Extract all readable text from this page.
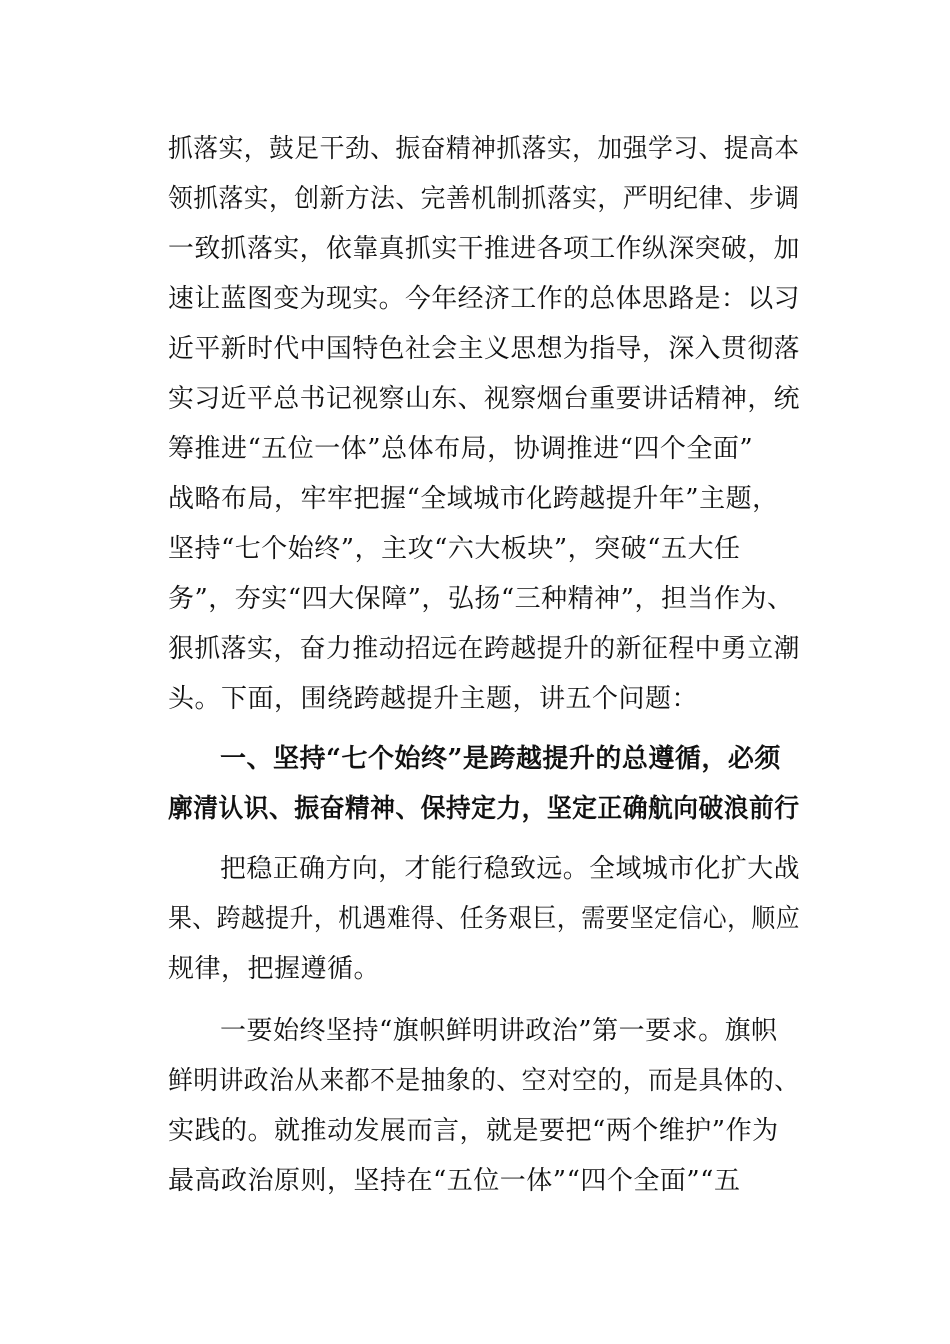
抓落实，鼓足干劲、振奋精神抓落实，加强学习、提高本
领抓落实，创新方法、完善机制抓落实，严明纪律、步调
一致抓落实，依靠真抓实干推进各项工作纵深突破，加
速让蓝图变为现实。今年经济工作的总体思路是：以习
近平新时代中国特色社会主义思想为指导，深入贯彻落
实习近平总书记视察山东、视察烟台重要讲话精神，统
筹推进“五位一体”总体布局，协调推进“四个全面”
战略布局，牢牢把握“全域城市化跨越提升年”主题，
坚持“七个始终”，主攻“六大板块”，突破“五大任
务”，夯实“四大保障”，弘扬“三种精神”，担当作为、
狠抓落实，奋力推动招远在跨越提升的新征程中勇立潮
头。下面，围绕跨越提升主题，讲五个问题：
一、坚持“七个始终”是跨越提升的总遵循，必须
廓清认识、振奋精神、保持定力，坚定正确航向破浪前行
把稳正确方向，才能行稳致远。全域城市化扩大战
果、跨越提升，机遇难得、任务艰巨，需要坚定信心，顺应
规律，把握遵循。
一要始终坚持“旗帜鲜明讲政治”第一要求。旗帜
鲜明讲政治从来都不是抽象的、空对空的，而是具体的、
实践的。就推动发展而言，就是要把“两个维护”作为
最高政治原则，坚持在“五位一体”“四个全面”“五
